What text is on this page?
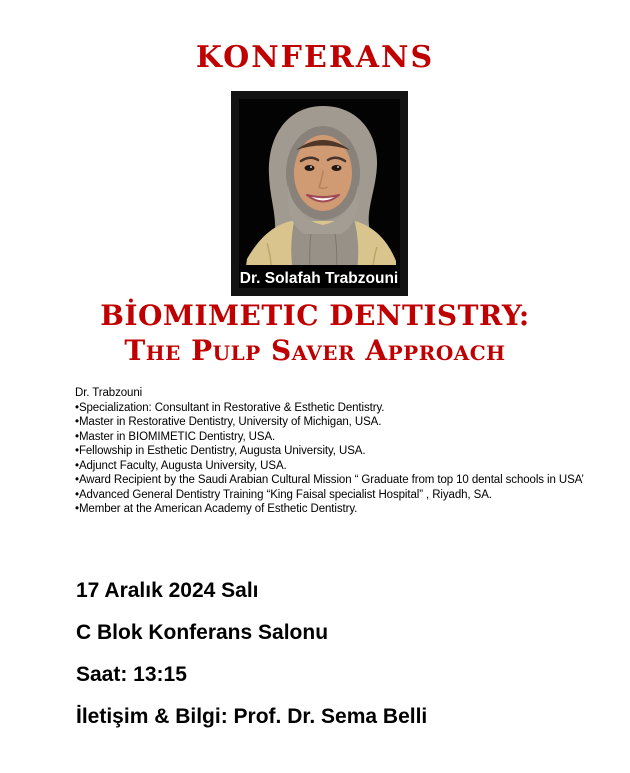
KONFERANS
Dr. Solafah Trabzouni
BİOMIMETIC DENTISTRY:
The Pulp Saver Approach

Dr. Trabzouni

• Specialization: Consultant in Restorative & Esthetic Dentistry.
• Master in Restorative Dentistry, University of Michigan, USA.
• Master in BIOMIMETIC Dentistry, USA.
• Fellowship in Esthetic Dentistry, Augusta University, USA.
• Adjunct Faculty, Augusta University, USA.
• Award Recipient by the Saudi Arabian Cultural Mission “ Graduate from top 10 dental schools in USA’
• Advanced General Dentistry Training “King Faisal specialist Hospital” , Riyadh, SA.
• Member at the American Academy of Esthetic Dentistry.
17 Aralık 2024 Salı
C Blok Konferans Salonu
Saat: 13:15
İletişim & Bilgi: Prof. Dr. Sema Belli
